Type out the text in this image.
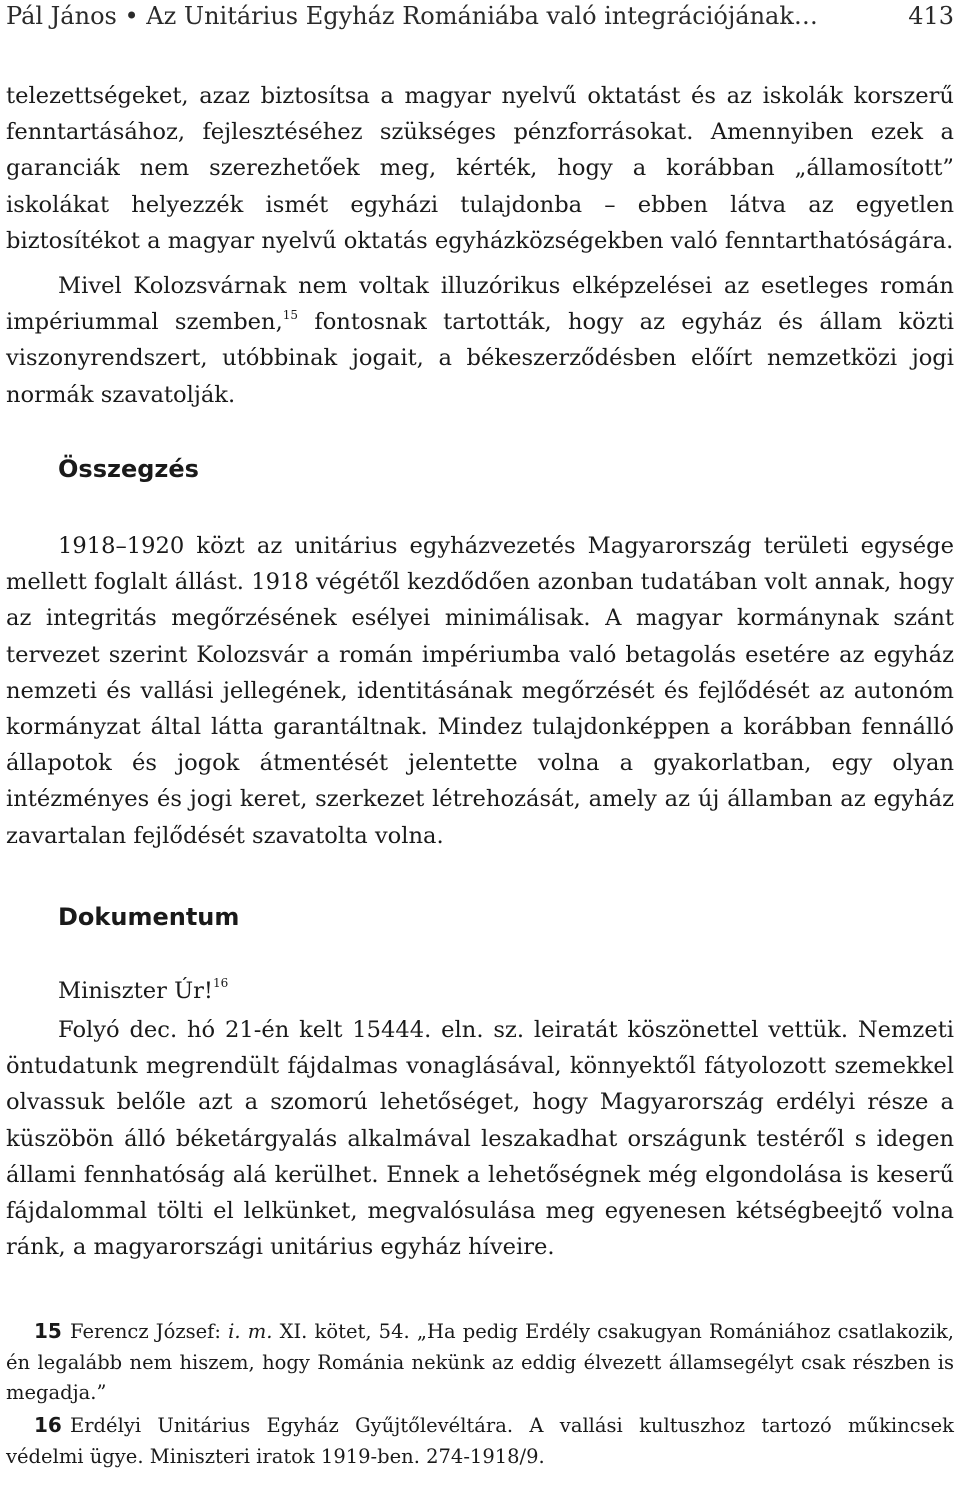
Pál János • Az Unitárius Egyház Romániába való integrációjának…	413
telezettségeket, azaz biztosítsa a magyar nyelvű oktatást és az iskolák korszerű fenntartásához, fejlesztéséhez szükséges pénzforrásokat. Amennyiben ezek a garanciák nem szerezhetőek meg, kérték, hogy a korábban „államosított” iskolákat helyezzék ismét egyházi tulajdonba – ebben látva az egyetlen biztosítékot a magyar nyelvű oktatás egyházközségekben való fenntarthatóságára.
Mivel Kolozsvárnak nem voltak illuzórikus elképzelései az esetleges román impériummal szemben,$^{15}$ fontosnak tartották, hogy az egyház és állam közti viszonyrendszert, utóbbinak jogait, a békeszerződésben előírt nemzetközi jogi normák szavatolják.
Összegzés
1918–1920 közt az unitárius egyházvezetés Magyarország területi egysége mellett foglalt állást. 1918 végétől kezdődően azonban tudatában volt annak, hogy az integritás megőrzésének esélyei minimálisak. A magyar kormánynak szánt tervezet szerint Kolozsvár a román impériumba való betagolás esetére az egyház nemzeti és vallási jellegének, identitásának megőrzését és fejlődését az autonóm kormányzat által látta garantáltnak. Mindez tulajdonképpen a korábban fennálló állapotok és jogok átmentését jelentette volna a gyakorlatban, egy olyan intézményes és jogi keret, szerkezet létrehozását, amely az új államban az egyház zavartalan fejlődését szavatolta volna.
Dokumentum
Miniszter Úr!$^{16}$
Folyó dec. hó 21-én kelt 15444. eln. sz. leiratát köszönettel vettük. Nemzeti öntudatunk megrendült fájdalmas vonaglásával, könnyektől fátyolozott szemekkel olvassuk belőle azt a szomorú lehetőséget, hogy Magyarország erdélyi része a küszöbön álló béketárgyalás alkalmával leszakadhat országunk testéről s idegen állami fennhatóság alá kerülhet. Ennek a lehetőségnek még elgondolása is keserű fájdalommal tölti el lelkünket, megvalósulása meg egyenesen kétségbeejtő volna ránk, a magyarországi unitárius egyház híveire.
15 Ferencz József: i. m. XI. kötet, 54. „Ha pedig Erdély csakugyan Romániához csatlakozik, én legalább nem hiszem, hogy Románia nekünk az eddig élvezett államsegélyt csak részben is megadja.”
16 Erdélyi Unitárius Egyház Gyűjtőlevéltára. A vallási kultuszhoz tartozó műkincsek védelmi ügye. Miniszteri iratok 1919-ben. 274-1918/9.
